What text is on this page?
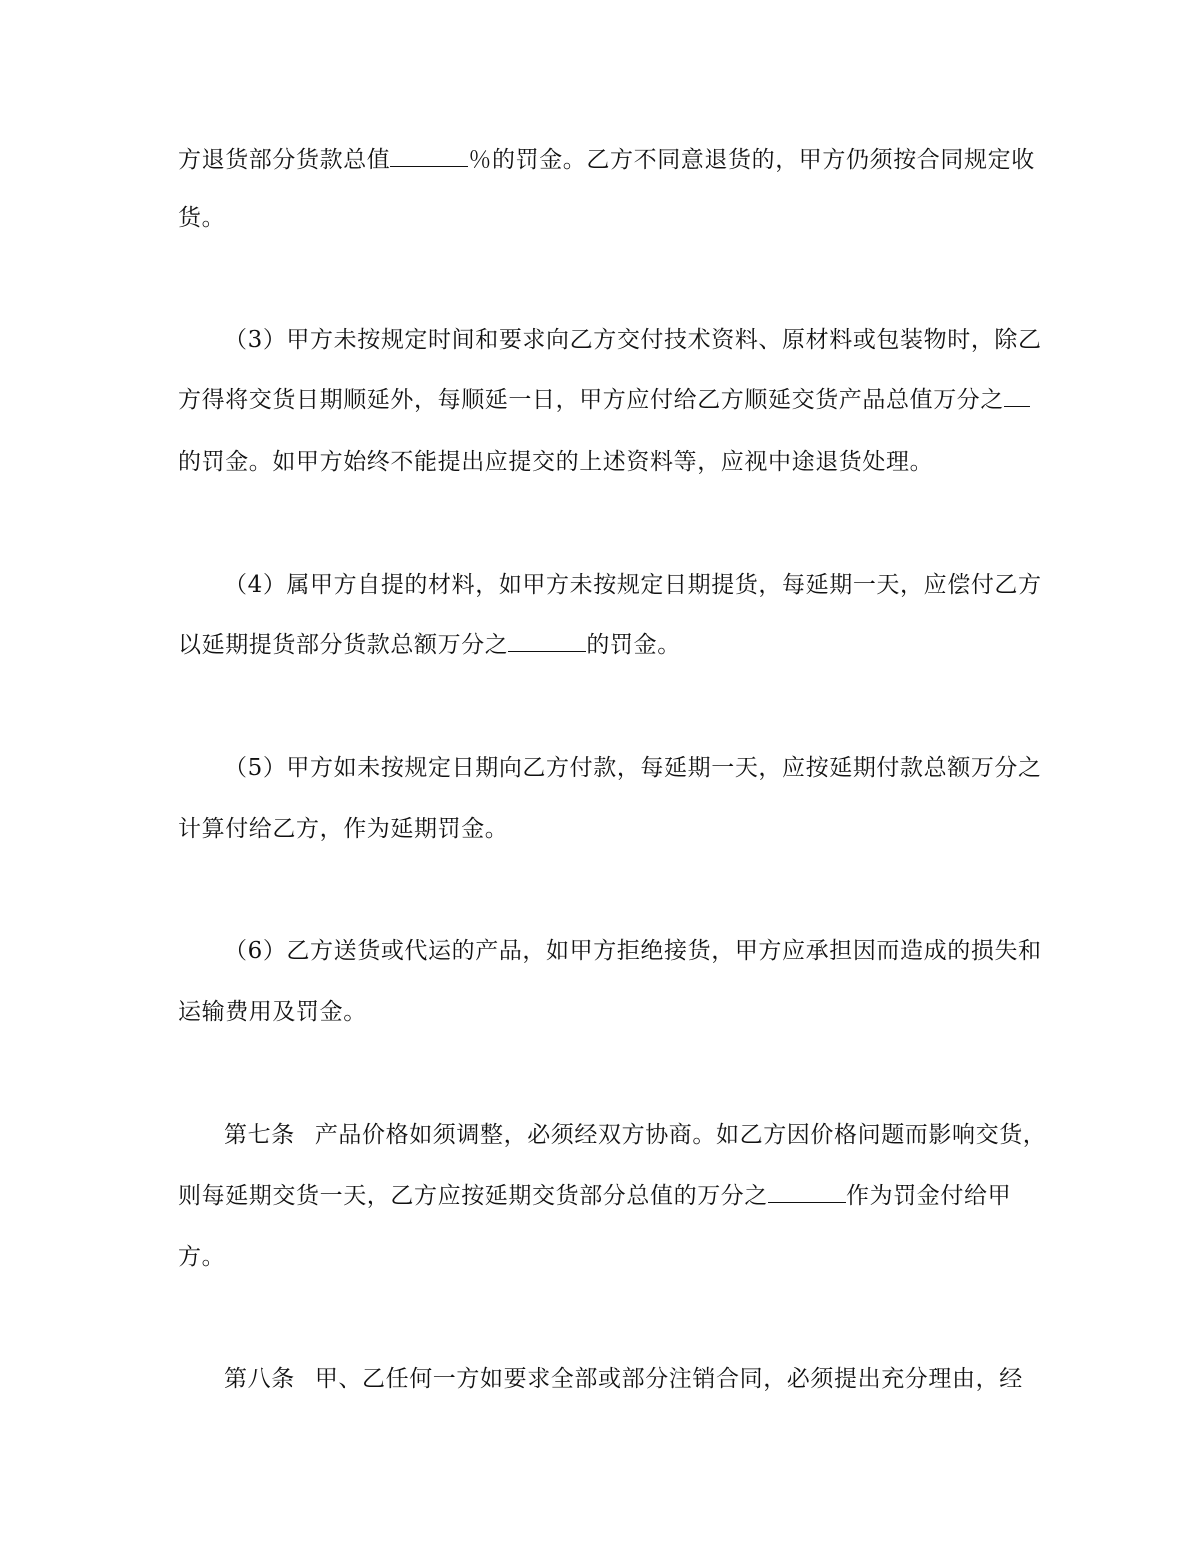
方退货部分货款总值	％的罚金。乙方不同意退货的，甲方仍须按合同规定收
货。
（3）甲方未按规定时间和要求向乙方交付技术资料、原材料或包装物时，除乙
方得将交货日期顺延外，每顺延一日，甲方应付给乙方顺延交货产品总值万分之
的罚金。如甲方始终不能提出应提交的上述资料等，应视中途退货处理。
（4）属甲方自提的材料，如甲方未按规定日期提货，每延期一天，应偿付乙方
以延期提货部分货款总额万分之	的罚金。
（5）甲方如未按规定日期向乙方付款，每延期一天，应按延期付款总额万分之
计算付给乙方，作为延期罚金。
（6）乙方送货或代运的产品，如甲方拒绝接货，甲方应承担因而造成的损失和
运输费用及罚金。
第七条 产品价格如须调整，必须经双方协商。如乙方因价格问题而影响交货，
则每延期交货一天，乙方应按延期交货部分总值的万分之	作为罚金付给甲
方。
第八条 甲、乙任何一方如要求全部或部分注销合同，必须提出充分理由，经
